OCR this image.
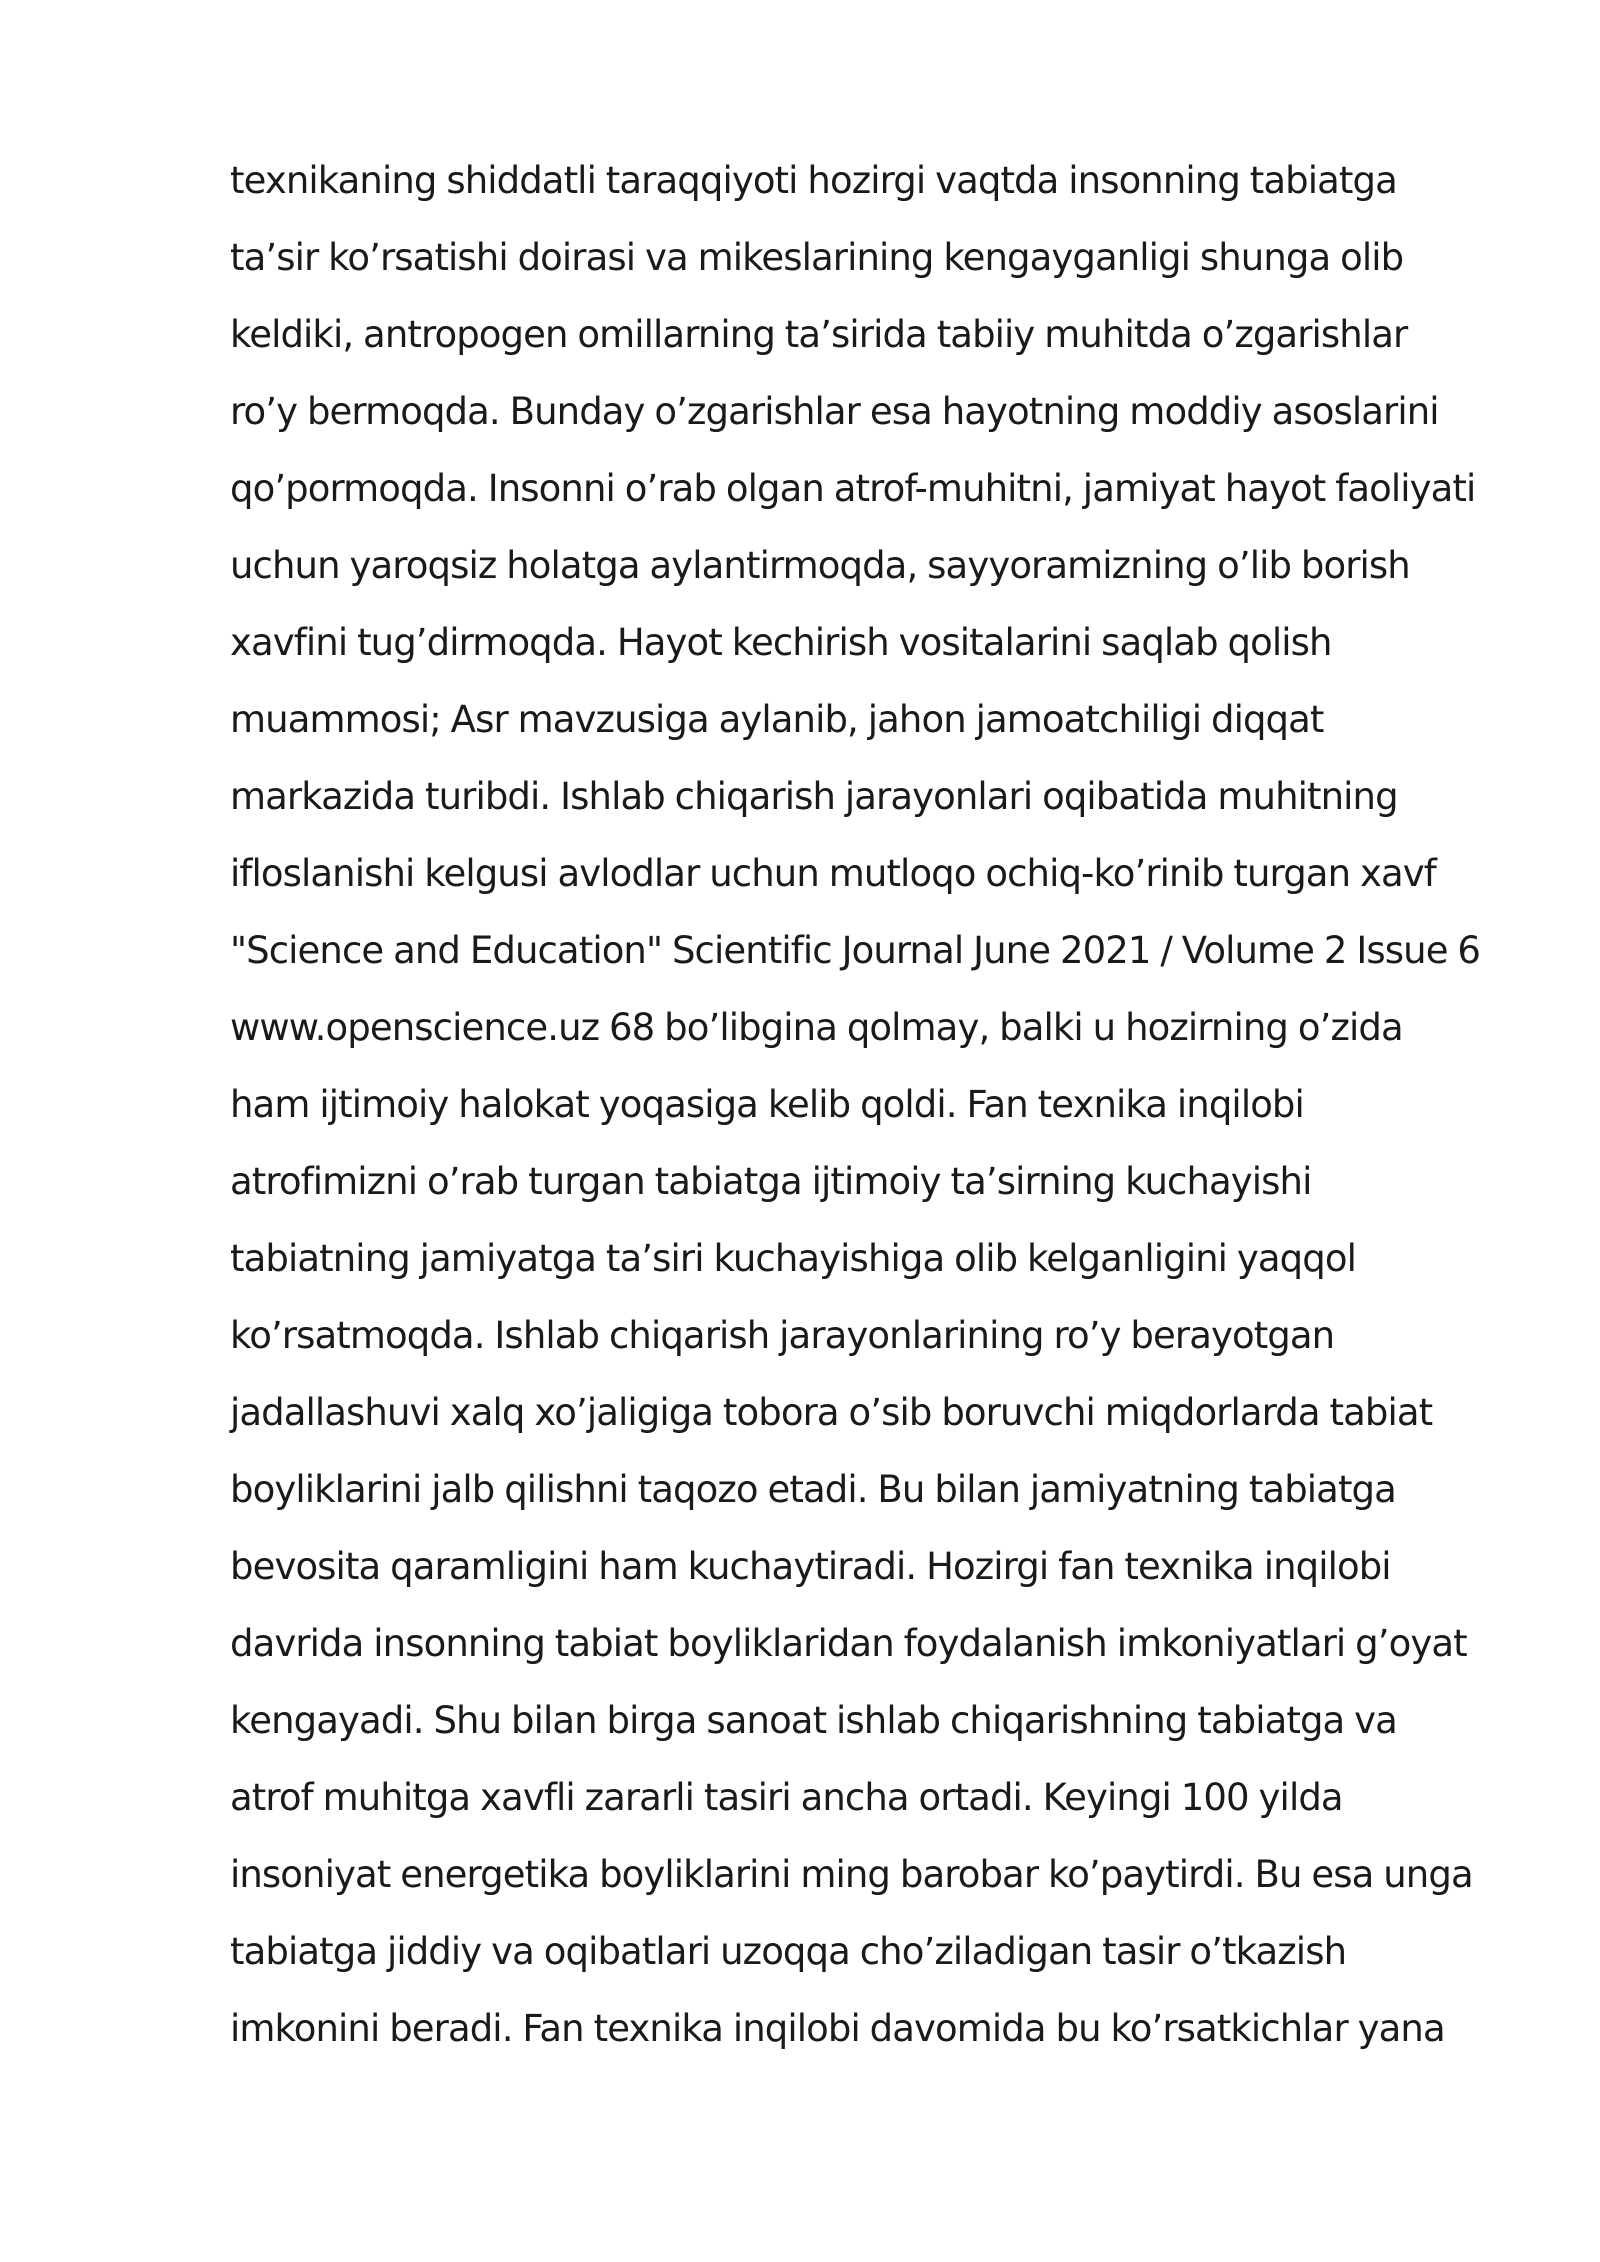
texnikaning shiddatli taraqqiyoti hozirgi vaqtda insonning tabiatga
ta’sir ko’rsatishi doirasi va mikeslarining kengayganligi shunga olib
keldiki, antropogen omillarning ta’sirida tabiiy muhitda o’zgarishlar
ro’y bermoqda. Bunday o’zgarishlar esa hayotning moddiy asoslarini
qo’pormoqda. Insonni o’rab olgan atrof-muhitni, jamiyat hayot faoliyati
uchun yaroqsiz holatga aylantirmoqda, sayyoramizning o’lib borish
xavfini tug’dirmoqda. Hayot kechirish vositalarini saqlab qolish
muammosi; Asr mavzusiga aylanib, jahon jamoatchiligi diqqat
markazida turibdi. Ishlab chiqarish jarayonlari oqibatida muhitning
ifloslanishi kelgusi avlodlar uchun mutloqo ochiq-ko’rinib turgan xavf
"Science and Education" Scientific Journal June 2021 / Volume 2 Issue 6
www.openscience.uz 68 bo’libgina qolmay, balki u hozirning o’zida
ham ijtimoiy halokat yoqasiga kelib qoldi. Fan texnika inqilobi
atrofimizni o’rab turgan tabiatga ijtimoiy ta’sirning kuchayishi
tabiatning jamiyatga ta’siri kuchayishiga olib kelganligini yaqqol
ko’rsatmoqda. Ishlab chiqarish jarayonlarining ro’y berayotgan
jadallashuvi xalq xo’jaligiga tobora o’sib boruvchi miqdorlarda tabiat
boyliklarini jalb qilishni taqozo etadi. Bu bilan jamiyatning tabiatga
bevosita qaramligini ham kuchaytiradi. Hozirgi fan texnika inqilobi
davrida insonning tabiat boyliklaridan foydalanish imkoniyatlari g’oyat
kengayadi. Shu bilan birga sanoat ishlab chiqarishning tabiatga va
atrof muhitga xavfli zararli tasiri ancha ortadi. Keyingi 100 yilda
insoniyat energetika boyliklarini ming barobar ko’paytirdi. Bu esa unga
tabiatga jiddiy va oqibatlari uzoqqa cho’ziladigan tasir o’tkazish
imkonini beradi. Fan texnika inqilobi davomida bu ko’rsatkichlar yana
